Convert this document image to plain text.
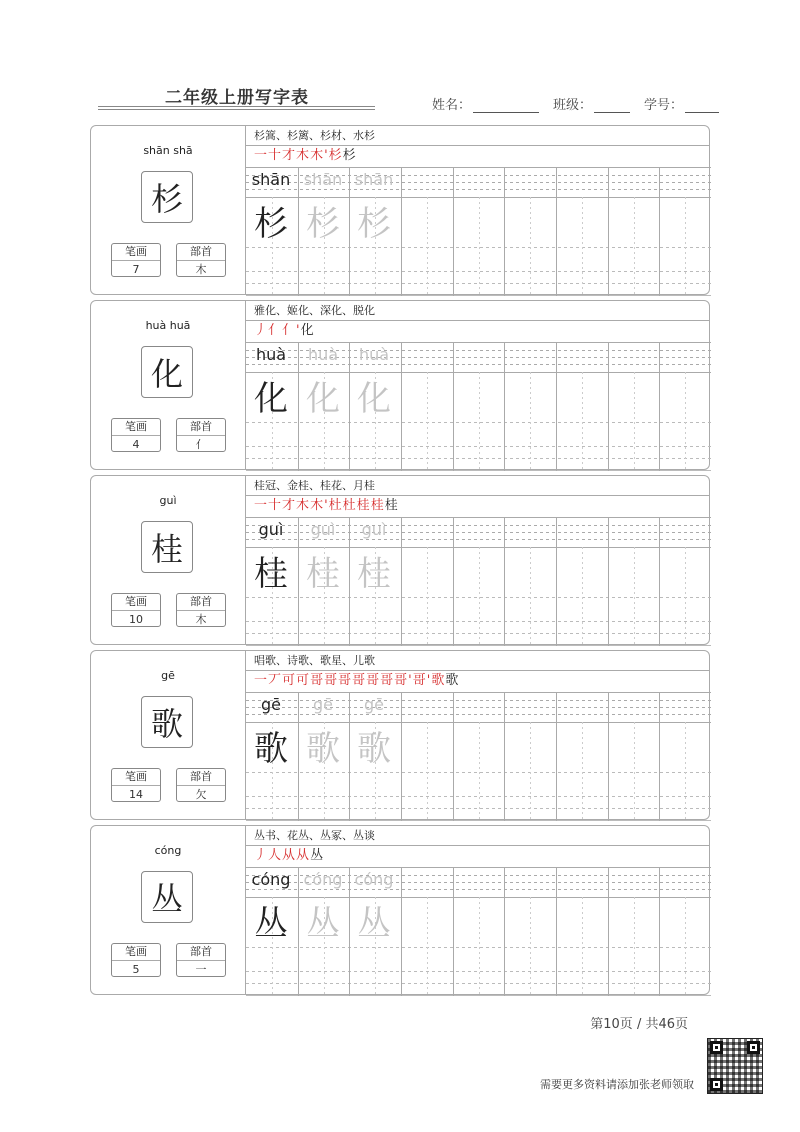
二年级上册写字表	姓名：	班级：	学号：
shān shā
杉
笔画
7
部首
木
杉篙、杉篱、杉材、水杉
一十才木木'杉杉
shān
杉
shān
杉
shān
杉
huà huā
化
笔画
4
部首
亻
雅化、姬化、深化、脱化
丿亻亻'化
huà
化
huà
化
huà
化
guì
桂
笔画
10
部首
木
桂冠、金桂、桂花、月桂
一十才木木'杜杜桂桂桂
guì
桂
guì
桂
guì
桂
gē
歌
笔画
14
部首
欠
唱歌、诗歌、歌星、儿歌
一丆可可哥哥哥哥哥哥哥'哥'歌歌
gē
歌
gē
歌
gē
歌
cóng
丛
笔画
5
部首
一
丛书、花丛、丛冢、丛谈
丿人从从丛
cóng
丛
cóng
丛
cóng
丛
第10页 / 共46页
需要更多资料请添加张老师领取
